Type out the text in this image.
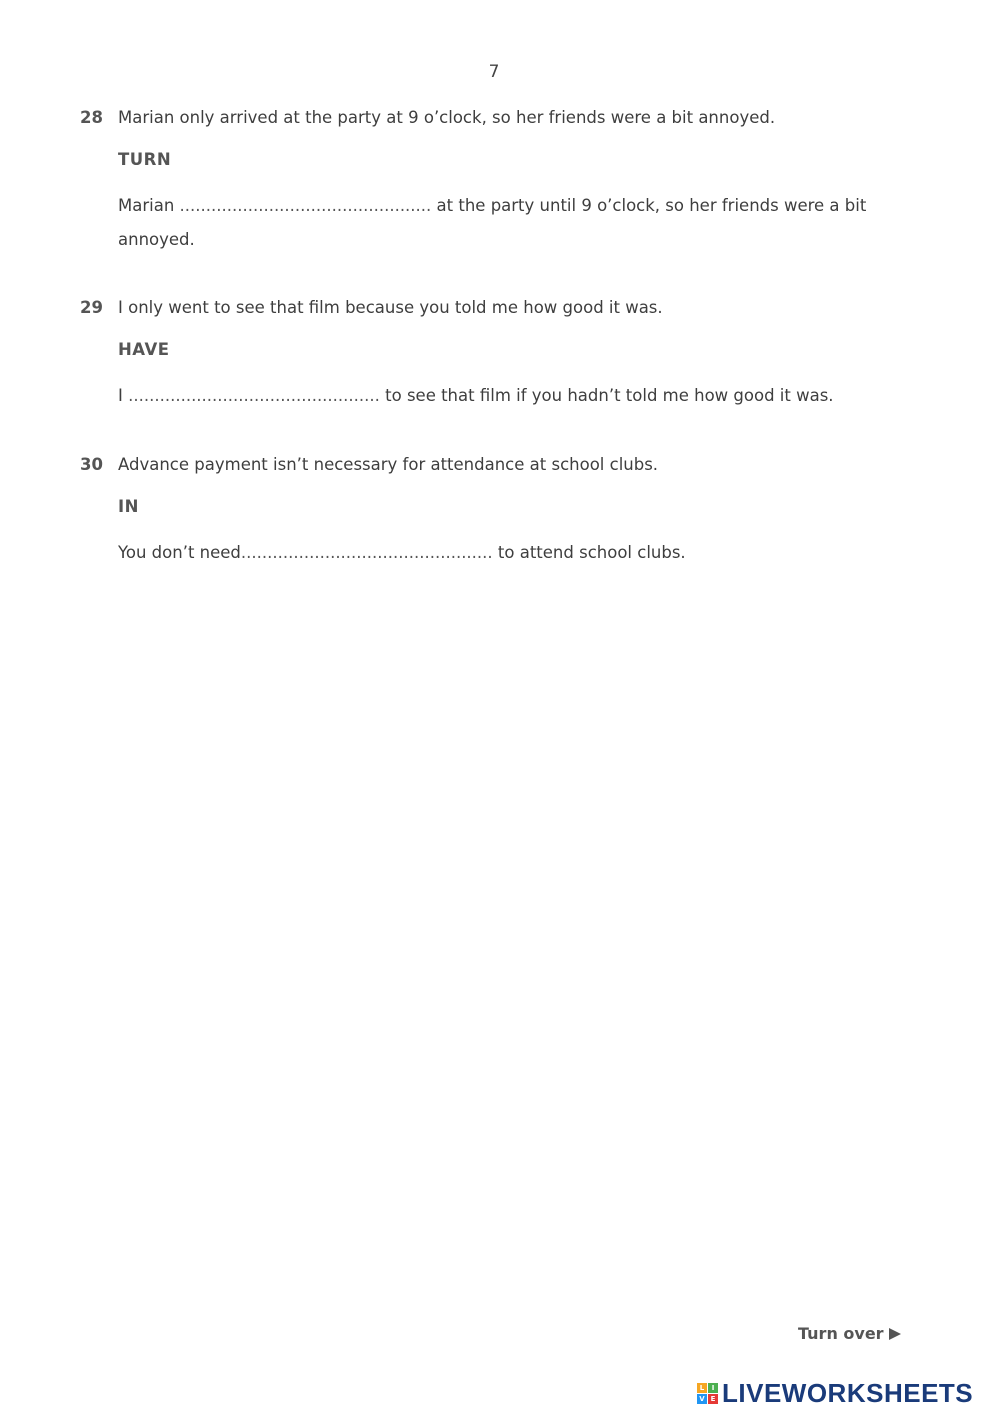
7
28 Marian only arrived at the party at 9 o’clock, so her friends were a bit annoyed.
TURN
Marian ................................................ at the party until 9 o’clock, so her friends were a bit annoyed.
29 I only went to see that film because you told me how good it was.
HAVE
I ................................................ to see that film if you hadn’t told me how good it was.
30 Advance payment isn’t necessary for attendance at school clubs.
IN
You don’t need................................................ to attend school clubs.
Turn over
L	I
V E LIVEWORKSHEETS
